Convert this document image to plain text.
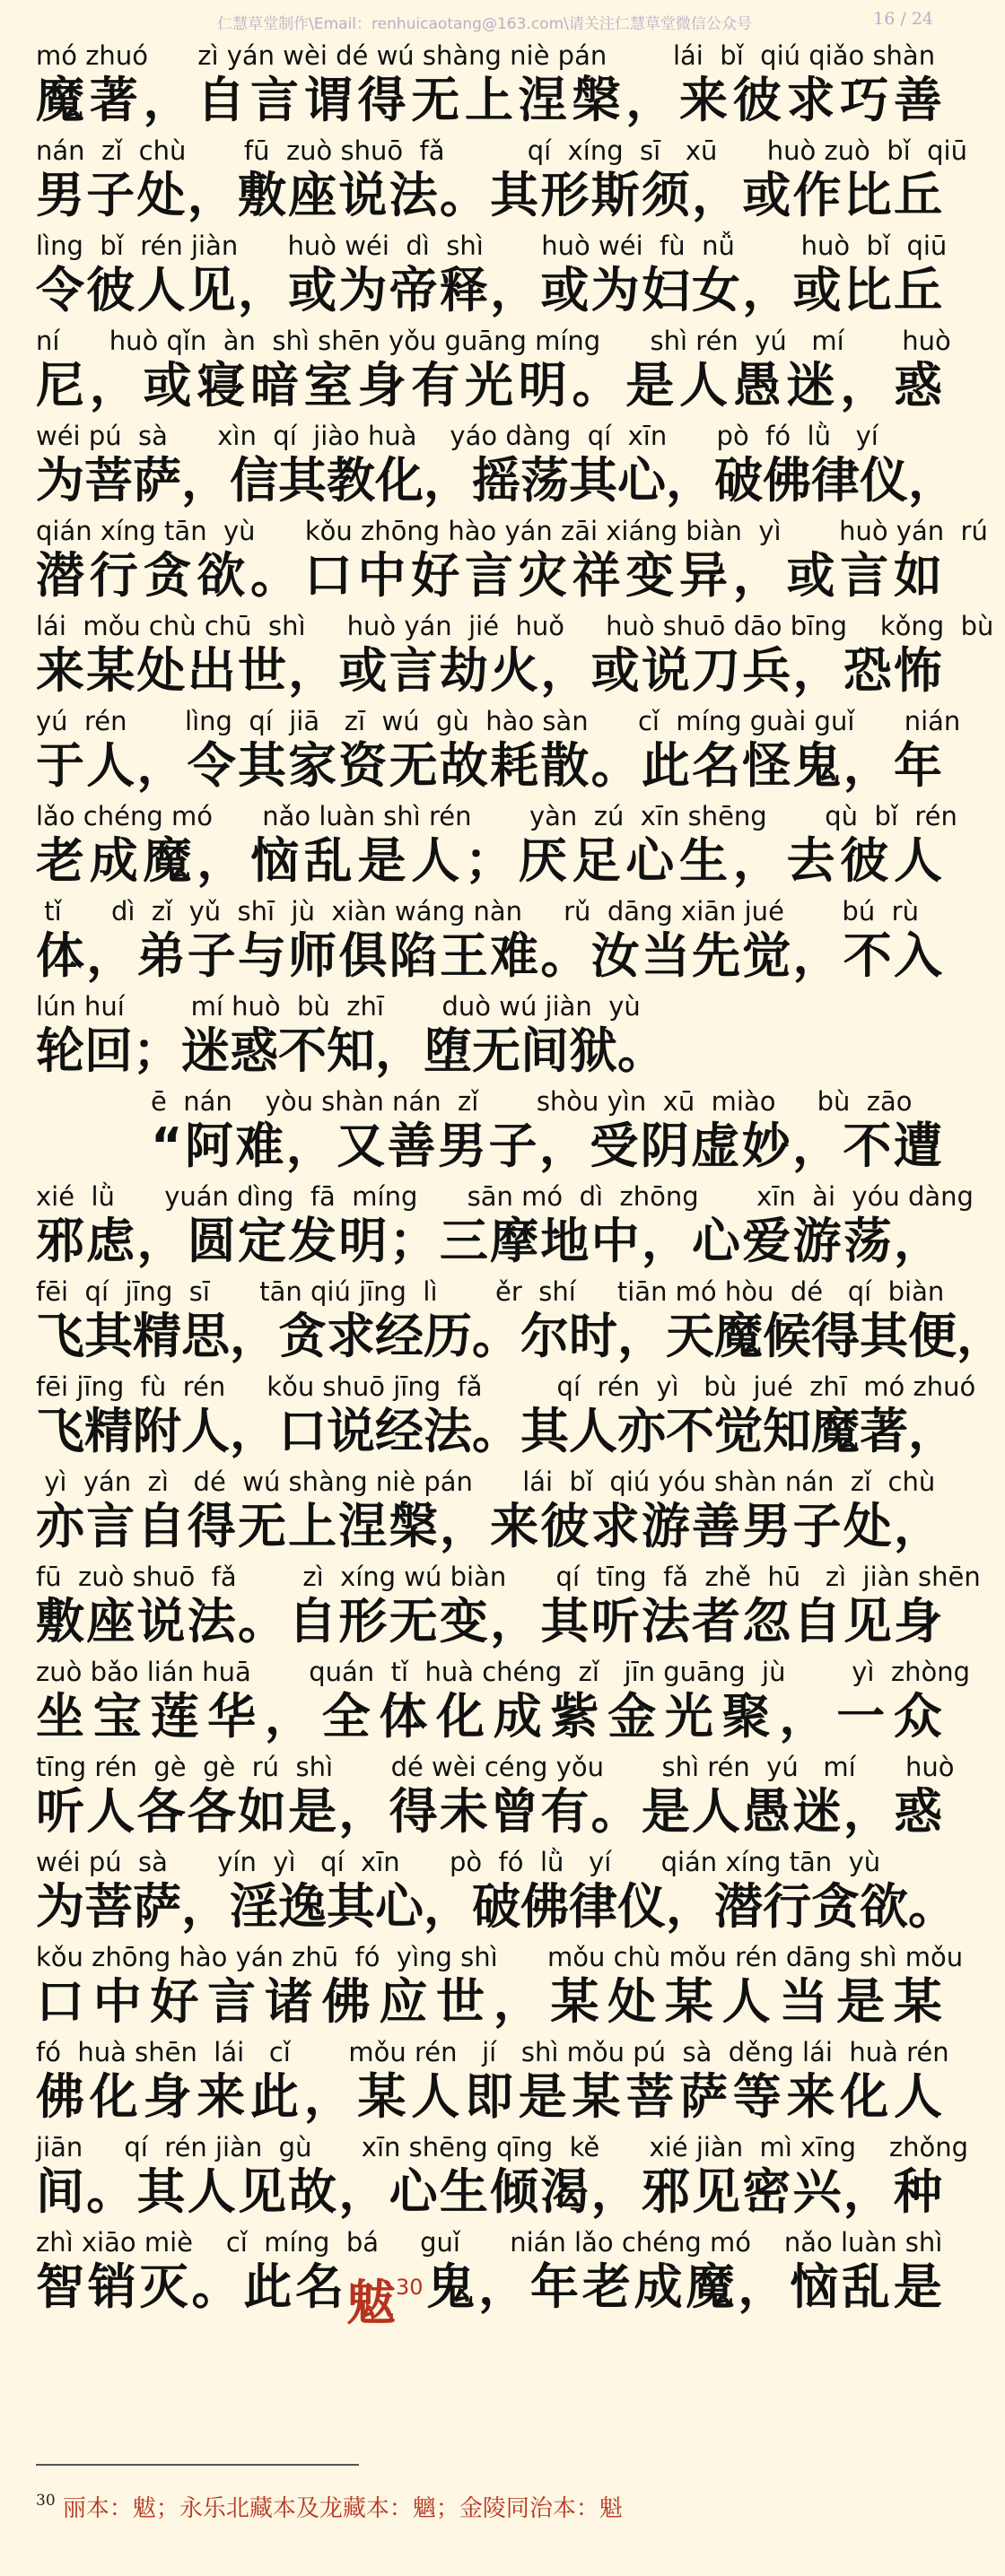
仁慧草堂制作\Email：renhuicaotang@163.com\请关注仁慧草堂微信公众号	16 / 24
mó zhuó      zì yán wèi dé wú shàng niè pán        lái  bǐ  qiú qiǎo shàn
魔 著 ， 自 言 谓 得 无 上 涅 槃 ， 来 彼 求 巧 善
nán  zǐ  chù       fū  zuò shuō  fǎ          qí  xíng  sī   xū      huò zuò  bǐ  qiū
男 子 处 ， 敷 座 说 法 。 其 形 斯 须 ， 或 作 比 丘
lìng  bǐ  rén jiàn      huò wéi  dì  shì       huò wéi  fù  nǚ        huò  bǐ  qiū
令 彼 人 见 ， 或 为 帝 释 ， 或 为 妇 女 ， 或 比 丘
ní      huò qǐn  àn  shì shēn yǒu guāng míng      shì rén  yú   mí       huò
尼 ， 或 寝 暗 室 身 有 光 明 。 是 人 愚 迷 ， 惑
wéi pú  sà      xìn  qí  jiào huà    yáo dàng  qí  xīn      pò  fó  lǜ   yí
为 菩 萨 ， 信 其 教 化 ， 摇 荡 其 心 ， 破 佛 律 仪 ，
qián xíng tān  yù      kǒu zhōng hào yán zāi xiáng biàn  yì       huò yán  rú
潜 行 贪 欲 。 口 中 好 言 灾 祥 变 异 ， 或 言 如
lái  mǒu chù chū  shì     huò yán  jié  huǒ     huò shuō dāo bīng    kǒng  bù
来 某 处 出 世 ， 或 言 劫 火 ， 或 说 刀 兵 ， 恐 怖
yú  rén       lìng  qí  jiā   zī  wú  gù  hào sàn      cǐ  míng guài guǐ      nián
于 人 ， 令 其 家 资 无 故 耗 散 。 此 名 怪 鬼 ， 年
lǎo chéng mó      nǎo luàn shì rén       yàn  zú  xīn shēng       qù  bǐ  rén
老 成 魔 ， 恼 乱 是 人 ； 厌 足 心 生 ， 去 彼 人
tǐ      dì  zǐ  yǔ  shī  jù  xiàn wáng nàn     rǔ  dāng xiān jué       bú  rù
体 ， 弟 子 与 师 俱 陷 王 难 。 汝 当 先 觉 ， 不 入
lún huí        mí huò  bù  zhī       duò wú jiàn  yù
轮 回 ； 迷 惑 不 知 ， 堕 无 间 狱 。
ē  nán    yòu shàn nán  zǐ       shòu yìn  xū  miào     bù  zāo
“ 阿 难 ， 又 善 男 子 ， 受 阴 虚 妙 ， 不 遭
xié  lǜ      yuán dìng  fā  míng      sān mó  dì  zhōng       xīn  ài  yóu dàng
邪 虑 ， 圆 定 发 明 ； 三 摩 地 中 ， 心 爱 游 荡 ，
fēi  qí  jīng  sī      tān qiú jīng  lì       ěr  shí     tiān mó hòu  dé   qí  biàn
飞 其 精 思 ， 贪 求 经 历 。 尔 时 ， 天 魔 候 得 其 便 ，
fēi jīng  fù  rén     kǒu shuō jīng  fǎ         qí  rén  yì   bù  jué  zhī  mó zhuó
飞 精 附 人 ， 口 说 经 法 。 其 人 亦 不 觉 知 魔 著 ，
yì  yán  zì   dé  wú shàng niè pán      lái  bǐ  qiú yóu shàn nán  zǐ  chù
亦 言 自 得 无 上 涅 槃 ， 来 彼 求 游 善 男 子 处 ，
fū  zuò shuō  fǎ        zì  xíng wú biàn      qí  tīng  fǎ  zhě  hū   zì  jiàn shēn
敷 座 说 法 。 自 形 无 变 ， 其 听 法 者 忽 自 见 身
zuò bǎo lián huā       quán  tǐ  huà chéng  zǐ   jīn guāng  jù        yì  zhòng
坐 宝 莲 华 ， 全 体 化 成 紫 金 光 聚 ， 一 众
tīng rén  gè  gè  rú  shì       dé wèi céng yǒu       shì rén  yú   mí      huò
听 人 各 各 如 是 ， 得 未 曾 有 。 是 人 愚 迷 ， 惑
wéi pú  sà      yín  yì   qí  xīn      pò  fó  lǜ   yí      qián xíng tān  yù
为 菩 萨 ， 淫 逸 其 心 ， 破 佛 律 仪 ， 潜 行 贪 欲 。
kǒu zhōng hào yán zhū  fó  yìng shì      mǒu chù mǒu rén dāng shì mǒu
口 中 好 言 诸 佛 应 世 ， 某 处 某 人 当 是 某
fó  huà shēn  lái   cǐ       mǒu rén   jí   shì mǒu pú  sà  děng lái  huà rén
佛 化 身 来 此 ， 某 人 即 是 某 菩 萨 等 来 化 人
jiān     qí  rén jiàn  gù      xīn shēng qīng  kě      xié jiàn  mì xīng    zhǒng
间 。 其 人 见 故 ， 心 生 倾 渴 ， 邪 见 密 兴 ， 种
zhì xiāo miè    cǐ  míng  bá     guǐ      nián lǎo chéng mó    nǎo luàn shì
智 销 灭 。 此 名 魃30 鬼 ， 年 老 成 魔 ， 恼 乱 是
$^{30}$ 丽本：魃；永乐北藏本及龙藏本：魑；金陵同治本：魁
